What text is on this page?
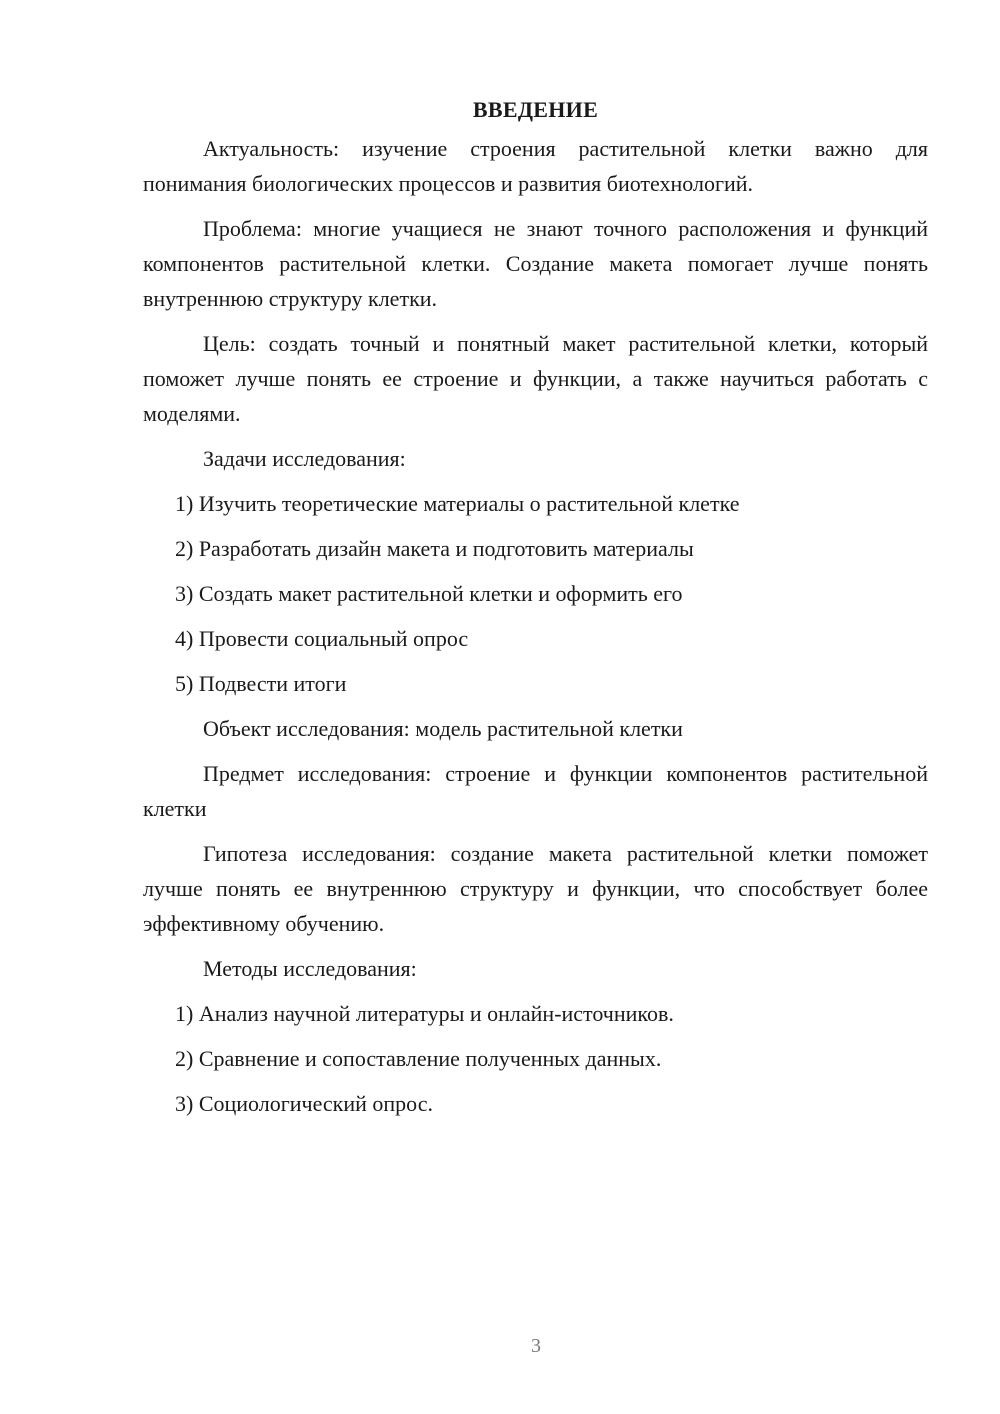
ВВЕДЕНИЕ

Актуальность: изучение строения растительной клетки важно для понимания биологических процессов и развития биотехнологий.

Проблема: многие учащиеся не знают точного расположения и функций компонентов растительной клетки. Создание макета помогает лучше понять внутреннюю структуру клетки.

Цель: создать точный и понятный макет растительной клетки, который поможет лучше понять ее строение и функции, а также научиться работать с моделями.

Задачи исследования:

1) Изучить теоретические материалы о растительной клетке
2) Разработать дизайн макета и подготовить материалы
3) Создать макет растительной клетки и оформить его
4) Провести социальный опрос
5) Подвести итоги

Объект исследования: модель растительной клетки

Предмет исследования: строение и функции компонентов растительной клетки

Гипотеза исследования: создание макета растительной клетки поможет лучше понять ее внутреннюю структуру и функции, что способствует более эффективному обучению.

Методы исследования:

1) Анализ научной литературы и онлайн-источников.
2) Сравнение и сопоставление полученных данных.
3) Социологический опрос.
3
